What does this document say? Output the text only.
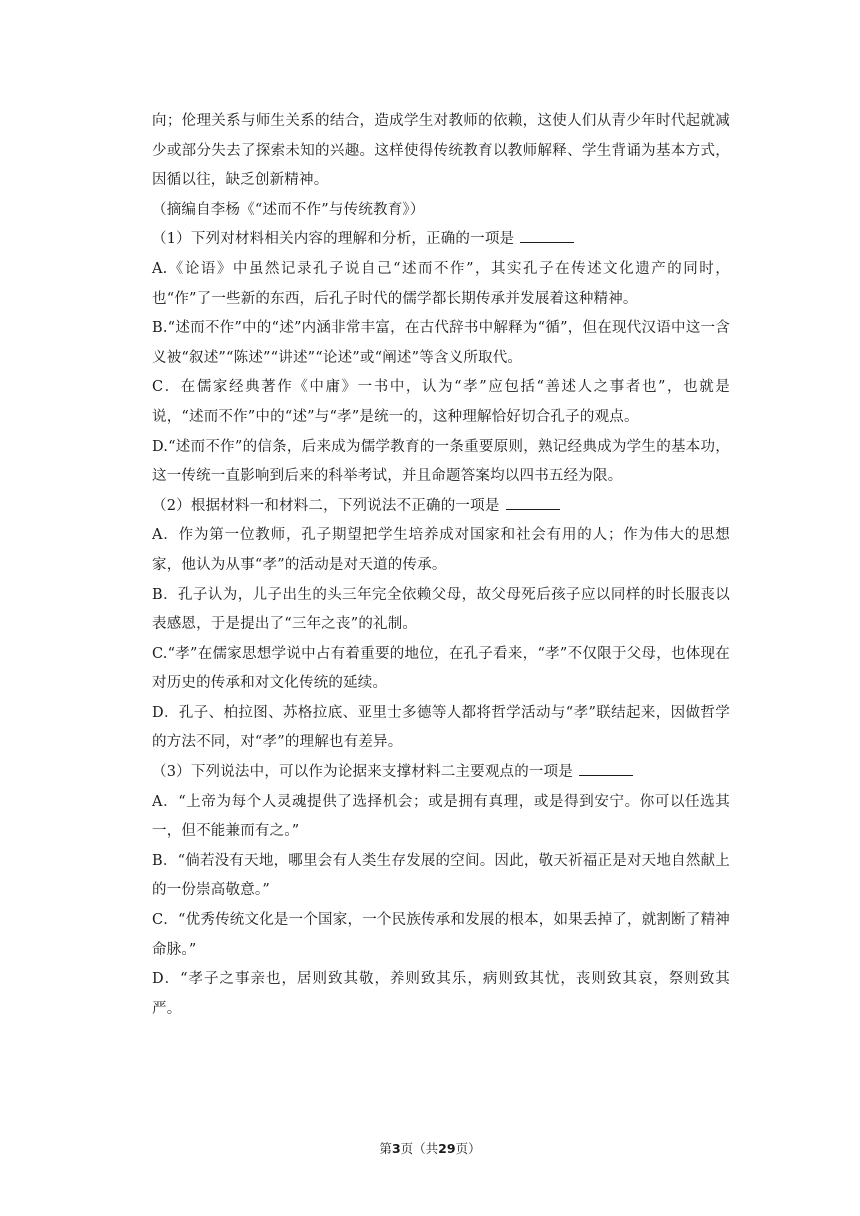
向；伦理关系与师生关系的结合，造成学生对教师的依赖，这使人们从青少年时代起就减少或部分失去了探索未知的兴趣。这样使得传统教育以教师解释、学生背诵为基本方式，因循以往，缺乏创新精神。

（摘编自李杨《“述而不作”与传统教育》）

（1）下列对材料相关内容的理解和分析，正确的一项是

A.《论语》中虽然记录孔子说自己“述而不作”，其实孔子在传述文化遗产的同时，也“作”了一些新的东西，后孔子时代的儒学都长期传承并发展着这种精神。

B.“述而不作”中的“述”内涵非常丰富，在古代辞书中解释为“循”，但在现代汉语中这一含义被“叙述”“陈述”“讲述”“论述”或“阐述”等含义所取代。

C．在儒家经典著作《中庸》一书中，认为“孝”应包括“善述人之事者也”，也就是说，“述而不作”中的“述”与“孝”是统一的，这种理解恰好切合孔子的观点。

D.“述而不作”的信条，后来成为儒学教育的一条重要原则，熟记经典成为学生的基本功，这一传统一直影响到后来的科举考试，并且命题答案均以四书五经为限。

（2）根据材料一和材料二，下列说法不正确的一项是

A．作为第一位教师，孔子期望把学生培养成对国家和社会有用的人；作为伟大的思想家，他认为从事“孝”的活动是对天道的传承。

B．孔子认为，儿子出生的头三年完全依赖父母，故父母死后孩子应以同样的时长服丧以表感恩，于是提出了“三年之丧”的礼制。

C.“孝”在儒家思想学说中占有着重要的地位，在孔子看来，“孝”不仅限于父母，也体现在对历史的传承和对文化传统的延续。

D．孔子、柏拉图、苏格拉底、亚里士多德等人都将哲学活动与“孝”联结起来，因做哲学的方法不同，对“孝”的理解也有差异。

（3）下列说法中，可以作为论据来支撑材料二主要观点的一项是

A．“上帝为每个人灵魂提供了选择机会；或是拥有真理，或是得到安宁。你可以任选其一，但不能兼而有之。”

B．“倘若没有天地，哪里会有人类生存发展的空间。因此，敬天祈福正是对天地自然献上的一份崇高敬意。”

C．“优秀传统文化是一个国家，一个民族传承和发展的根本，如果丢掉了，就割断了精神命脉。”

D．“孝子之事亲也，居则致其敬，养则致其乐，病则致其忧，丧则致其哀，祭则致其严。

第3页（共29页）
